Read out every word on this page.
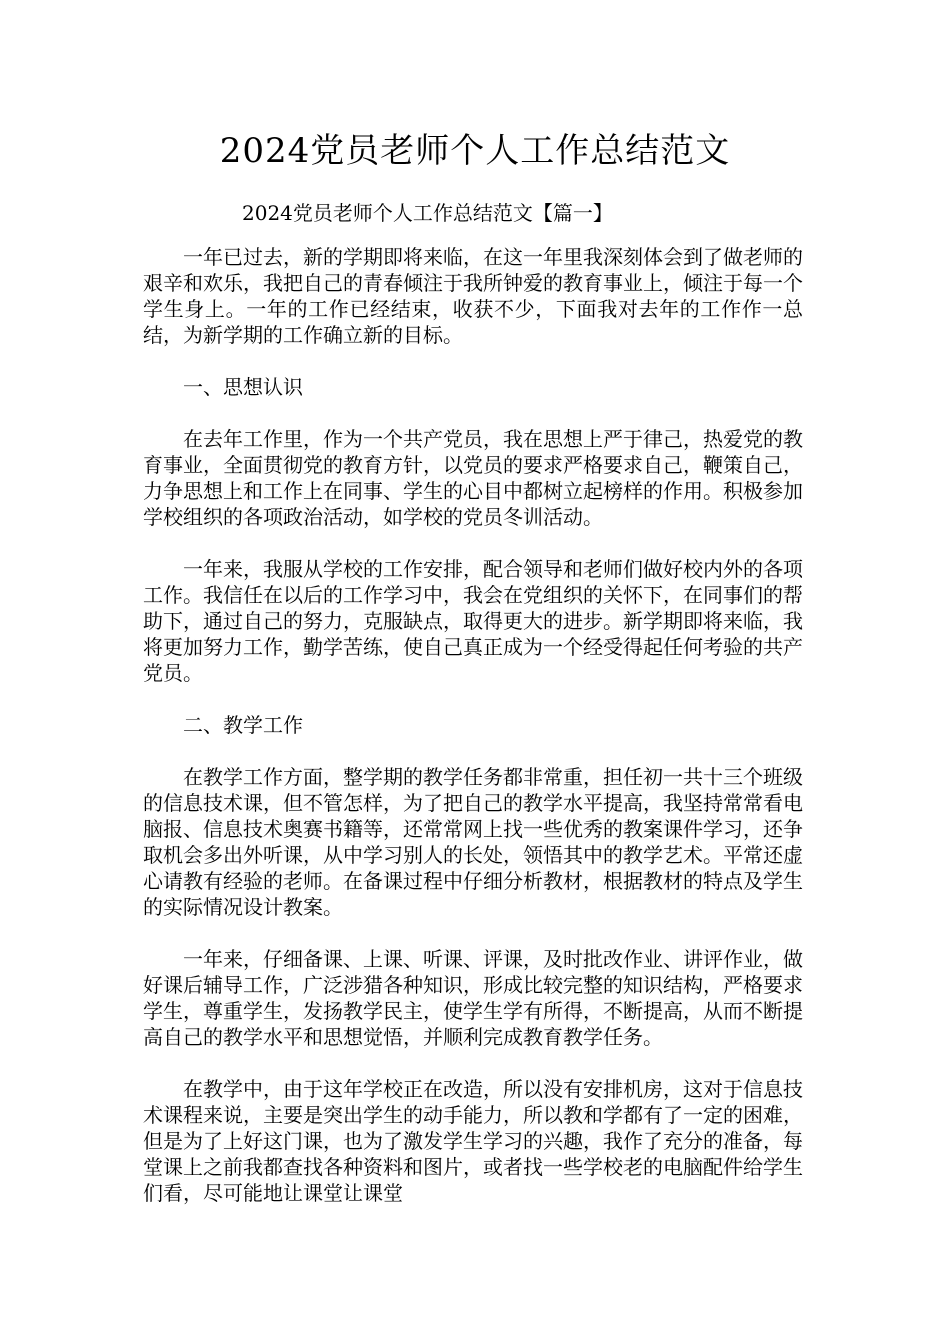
2024党员老师个人工作总结范文

2024党员老师个人工作总结范文【篇一】

一年已过去，新的学期即将来临，在这一年里我深刻体会到了做老师的艰辛和欢乐，我把自己的青春倾注于我所钟爱的教育事业上，倾注于每一个学生身上。一年的工作已经结束，收获不少，下面我对去年的工作作一总结，为新学期的工作确立新的目标。

一、思想认识

在去年工作里，作为一个共产党员，我在思想上严于律己，热爱党的教育事业，全面贯彻党的教育方针，以党员的要求严格要求自己，鞭策自己，力争思想上和工作上在同事、学生的心目中都树立起榜样的作用。积极参加学校组织的各项政治活动，如学校的党员冬训活动。

一年来，我服从学校的工作安排，配合领导和老师们做好校内外的各项工作。我信任在以后的工作学习中，我会在党组织的关怀下，在同事们的帮助下，通过自己的努力，克服缺点，取得更大的进步。新学期即将来临，我将更加努力工作，勤学苦练，使自己真正成为一个经受得起任何考验的共产党员。

二、教学工作

在教学工作方面，整学期的教学任务都非常重，担任初一共十三个班级的信息技术课，但不管怎样，为了把自己的教学水平提高，我坚持常常看电脑报、信息技术奥赛书籍等，还常常网上找一些优秀的教案课件学习，还争取机会多出外听课，从中学习别人的长处，领悟其中的教学艺术。平常还虚心请教有经验的老师。在备课过程中仔细分析教材，根据教材的特点及学生的实际情况设计教案。

一年来，仔细备课、上课、听课、评课，及时批改作业、讲评作业，做好课后辅导工作，广泛涉猎各种知识，形成比较完整的知识结构，严格要求学生，尊重学生，发扬教学民主，使学生学有所得，不断提高，从而不断提高自己的教学水平和思想觉悟，并顺利完成教育教学任务。

在教学中，由于这年学校正在改造，所以没有安排机房，这对于信息技术课程来说，主要是突出学生的动手能力，所以教和学都有了一定的困难，但是为了上好这门课，也为了激发学生学习的兴趣，我作了充分的准备，每堂课上之前我都查找各种资料和图片，或者找一些学校老的电脑配件给学生们看，尽可能地让课堂让课堂
